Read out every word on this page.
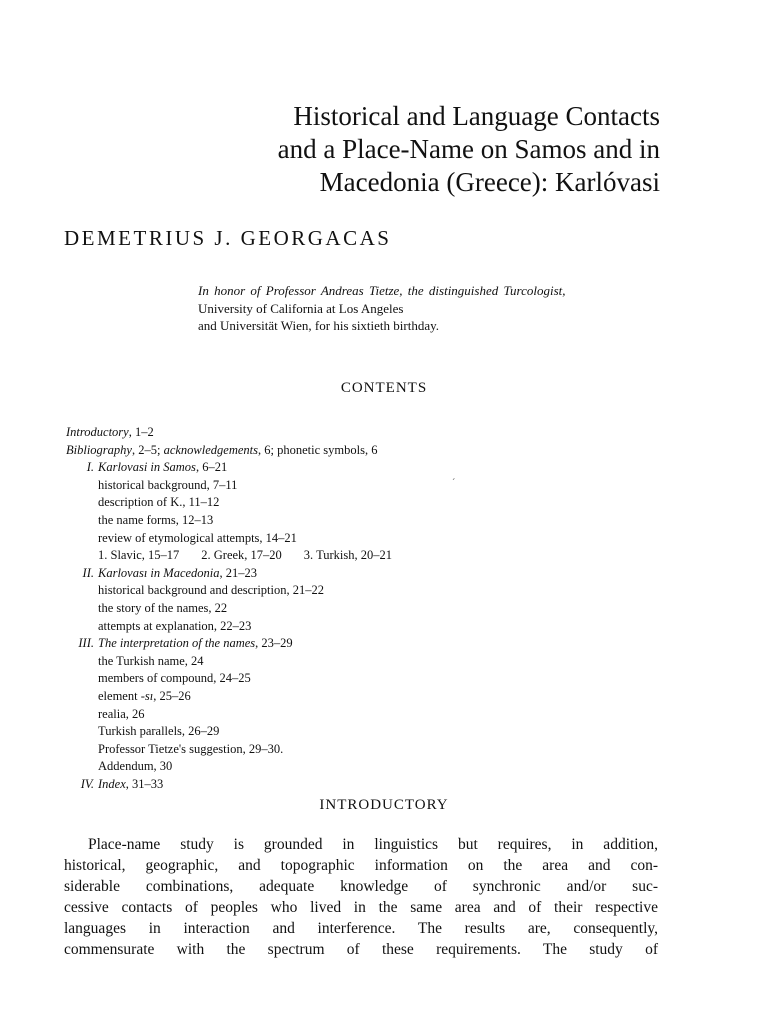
Historical and Language Contacts
and a Place-Name on Samos and in
Macedonia (Greece): Karlóvasi
DEMETRIUS J. GEORGACAS
In honor of Professor Andreas Tietze, the distinguished Turcologist,
University of California at Los Angeles
and Universität Wien, for his sixtieth birthday.
CONTENTS
Introductory, 1–2
Bibliography, 2–5; acknowledgements, 6; phonetic symbols, 6
I. Karlovasi in Samos, 6–21
historical background, 7–11
description of K., 11–12
the name forms, 12–13
review of etymological attempts, 14–21
1. Slavic, 15–17 2. Greek, 17–20 3. Turkish, 20–21
II. Karlovası in Macedonia, 21–23
historical background and description, 21–22
the story of the names, 22
attempts at explanation, 22–23
III. The interpretation of the names, 23–29
the Turkish name, 24
members of compound, 24–25
element -sı, 25–26
realia, 26
Turkish parallels, 26–29
Professor Tietze's suggestion, 29–30.
Addendum, 30
IV. Index, 31–33
ˊ
INTRODUCTORY
Place-name study is grounded in linguistics but requires, in addition,
historical, geographic, and topographic information on the area and con-
siderable combinations, adequate knowledge of synchronic and/or suc-
cessive contacts of peoples who lived in the same area and of their respective
languages in interaction and interference. The results are, consequently,
commensurate with the spectrum of these requirements. The study of
